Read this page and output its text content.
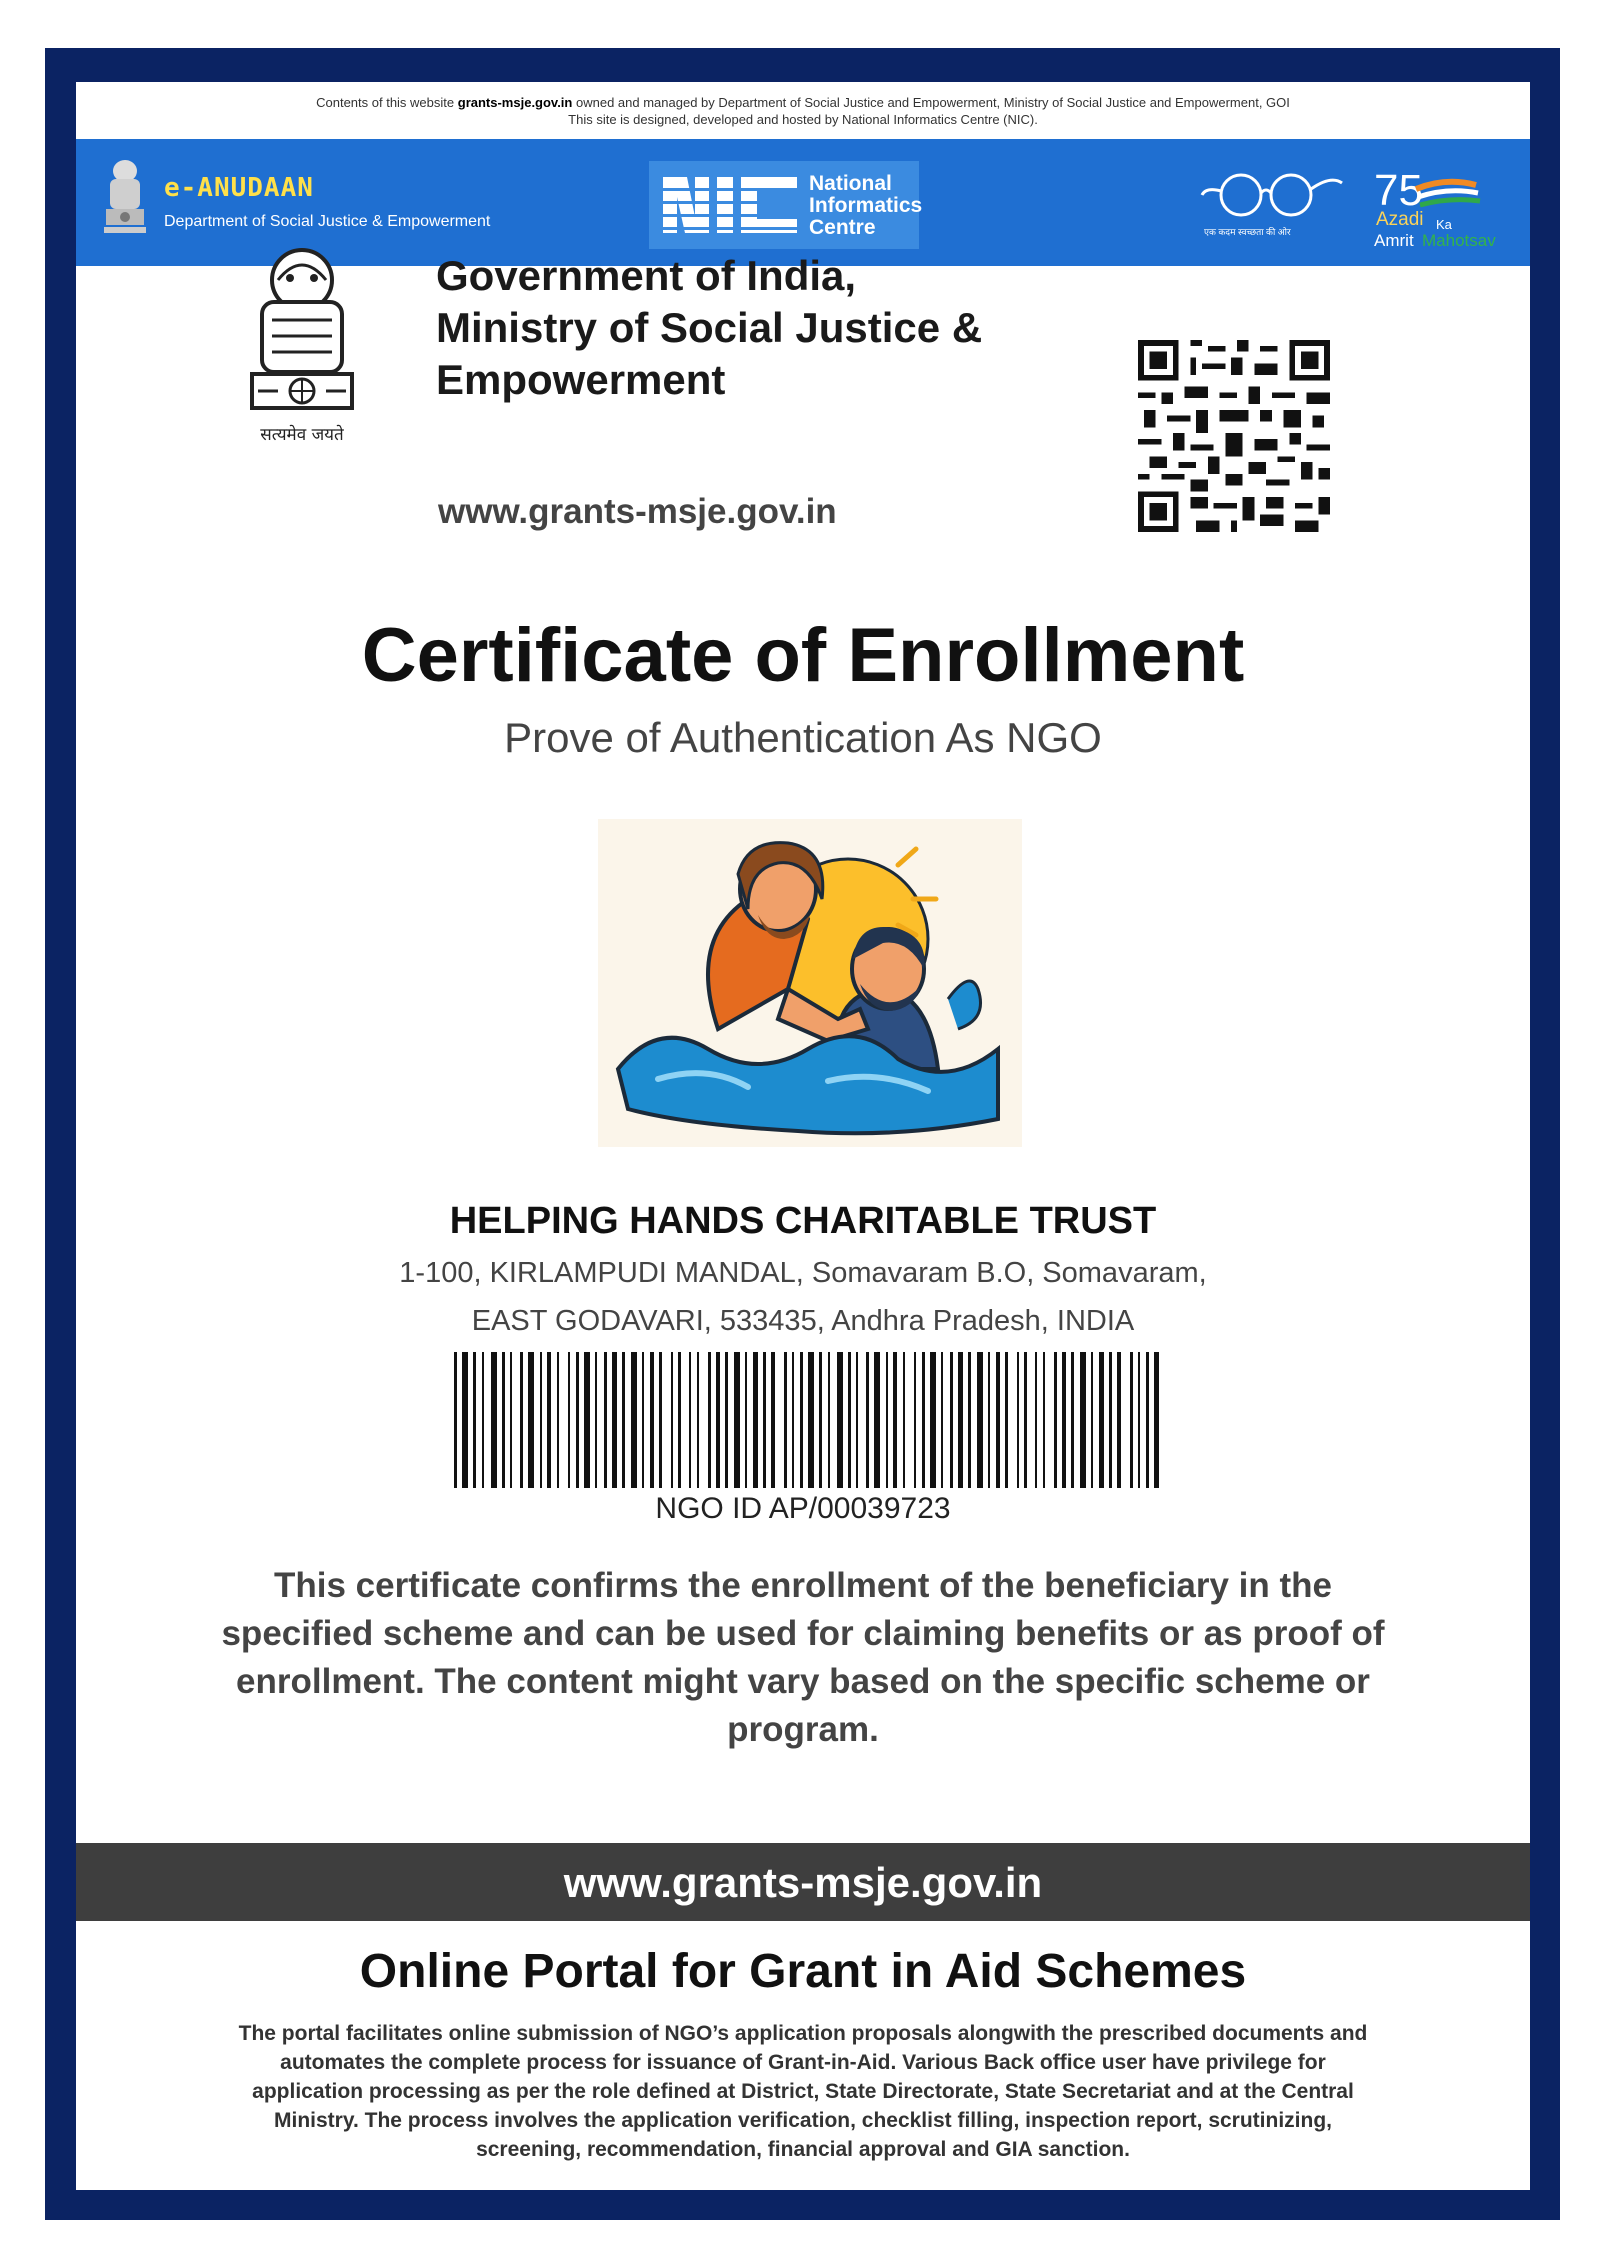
Contents of this website grants-msje.gov.in owned and managed by Department of Social Justice and Empowerment, Ministry of Social Justice and Empowerment, GOI
This site is designed, developed and hosted by National Informatics Centre (NIC).
e-ANUDAAN
Department of Social Justice & Empowerment
National
Informatics
Centre	एक कदम स्वच्छता की ओर
75
Azadi Ka
Amrit Mahotsav
सत्यमेव जयते
Government of India,
Ministry of Social Justice &
Empowerment
www.grants-msje.gov.in
Certificate of Enrollment
Prove of Authentication As NGO
HELPING HANDS CHARITABLE TRUST
1-100, KIRLAMPUDI MANDAL, Somavaram B.O, Somavaram,
EAST GODAVARI, 533435, Andhra Pradesh, INDIA
NGO ID AP/00039723
This certificate confirms the enrollment of the beneficiary in the specified scheme and can be used for claiming benefits or as proof of enrollment. The content might vary based on the specific scheme or program.
www.grants-msje.gov.in
Online Portal for Grant in Aid Schemes
The portal facilitates online submission of NGO’s application proposals alongwith the prescribed documents and automates the complete process for issuance of Grant-in-Aid. Various Back office user have privilege for application processing as per the role defined at District, State Directorate, State Secretariat and at the Central Ministry. The process involves the application verification, checklist filling, inspection report, scrutinizing, screening, recommendation, financial approval and GIA sanction.
